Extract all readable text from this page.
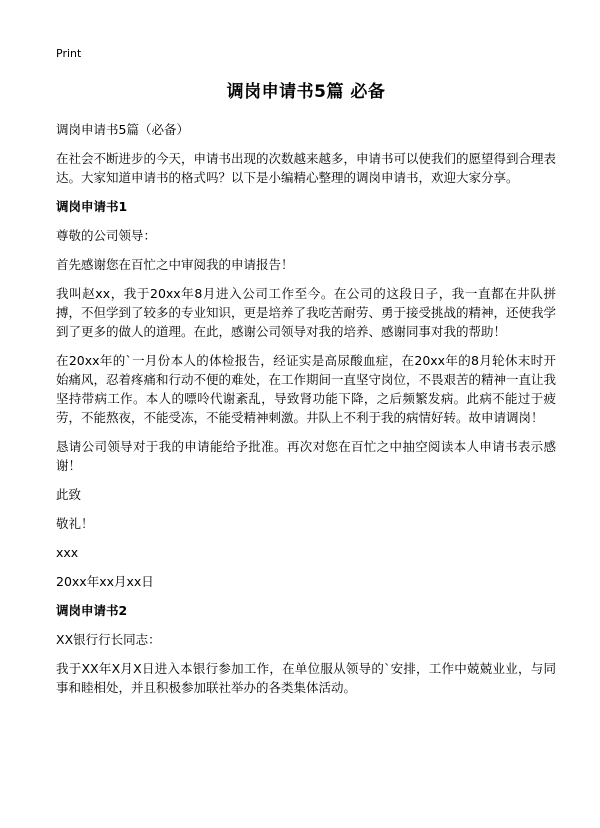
Print
调岗申请书5篇 必备
调岗申请书5篇（必备）
在社会不断进步的今天，申请书出现的次数越来越多，申请书可以使我们的愿望得到合理表达。大家知道申请书的格式吗？以下是小编精心整理的调岗申请书，欢迎大家分享。
调岗申请书1
尊敬的公司领导：
首先感谢您在百忙之中审阅我的申请报告！
我叫赵xx，我于20xx年8月进入公司工作至今。在公司的这段日子，我一直都在井队拼搏，不但学到了较多的专业知识，更是培养了我吃苦耐劳、勇于接受挑战的精神，还使我学到了更多的做人的道理。在此，感谢公司领导对我的培养、感谢同事对我的帮助！
在20xx年的`一月份本人的体检报告，经证实是高尿酸血症，在20xx年的8月轮休末时开始痛风，忍着疼痛和行动不便的难处，在工作期间一直坚守岗位，不畏艰苦的精神一直让我坚持带病工作。本人的嘌呤代谢紊乱，导致肾功能下降，之后频繁发病。此病不能过于疲劳，不能熬夜，不能受冻，不能受精神刺激。井队上不利于我的病情好转。故申请调岗！
恳请公司领导对于我的申请能给予批准。再次对您在百忙之中抽空阅读本人申请书表示感谢！
此致
敬礼！
xxx
20xx年xx月xx日
调岗申请书2
XX银行行长同志：
我于XX年X月X日进入本银行参加工作，在单位服从领导的`安排，工作中兢兢业业，与同事和睦相处，并且积极参加联社举办的各类集体活动。
